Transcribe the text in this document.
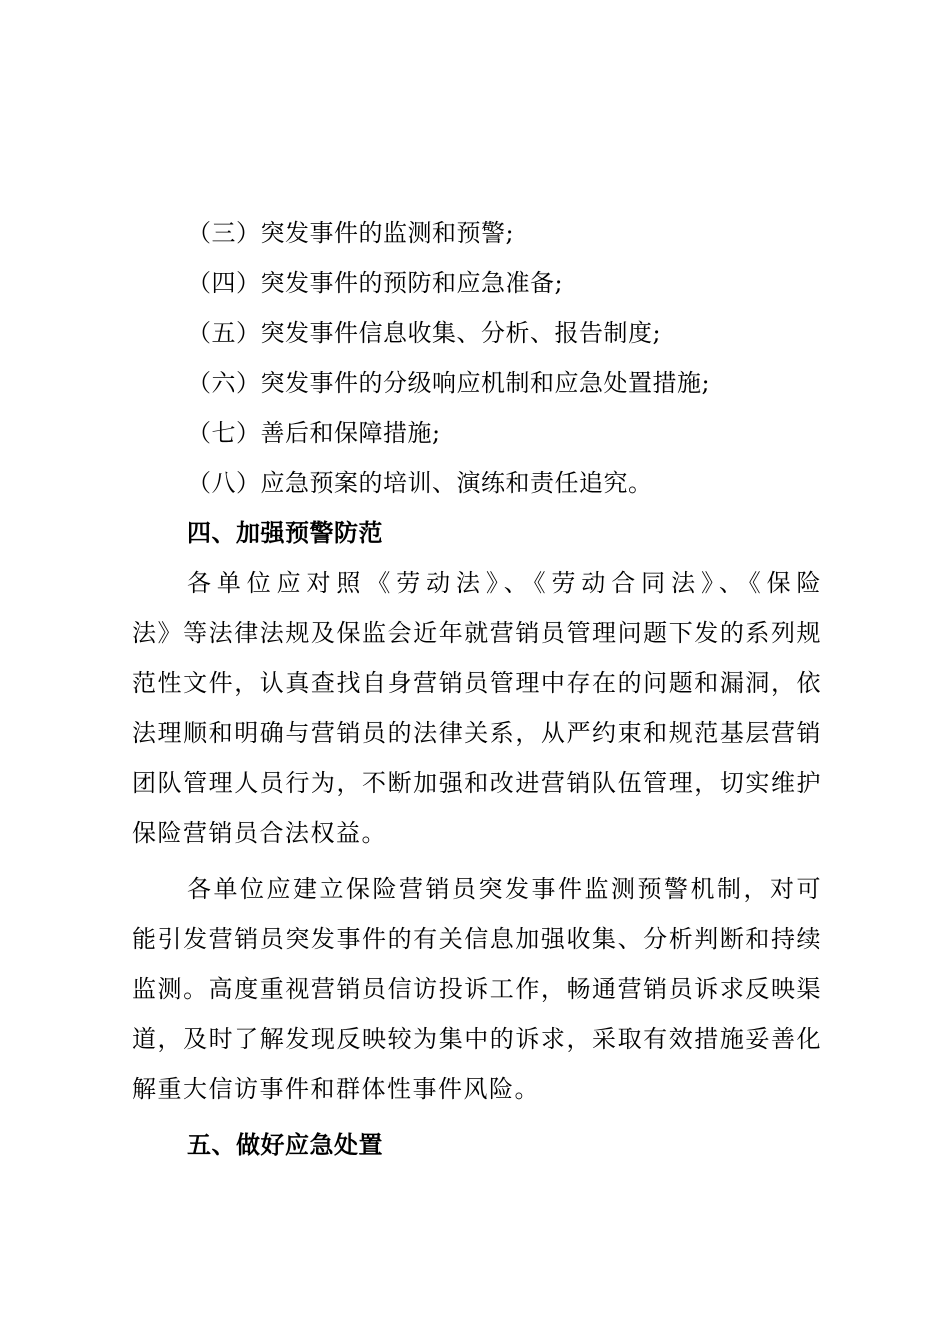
（三）突发事件的监测和预警;
（四）突发事件的预防和应急准备;
（五）突发事件信息收集、分析、报告制度;
（六）突发事件的分级响应机制和应急处置措施;
（七）善后和保障措施;
（八）应急预案的培训、演练和责任追究。
四、加强预警防范
各单位应对照《劳动法》、《劳动合同法》、《保险
法》等法律法规及保监会近年就营销员管理问题下发的系列规
范性文件，认真查找自身营销员管理中存在的问题和漏洞，依
法理顺和明确与营销员的法律关系，从严约束和规范基层营销
团队管理人员行为，不断加强和改进营销队伍管理，切实维护
保险营销员合法权益。
各单位应建立保险营销员突发事件监测预警机制，对可
能引发营销员突发事件的有关信息加强收集、分析判断和持续
监测。高度重视营销员信访投诉工作，畅通营销员诉求反映渠
道，及时了解发现反映较为集中的诉求，采取有效措施妥善化
解重大信访事件和群体性事件风险。
五、做好应急处置
